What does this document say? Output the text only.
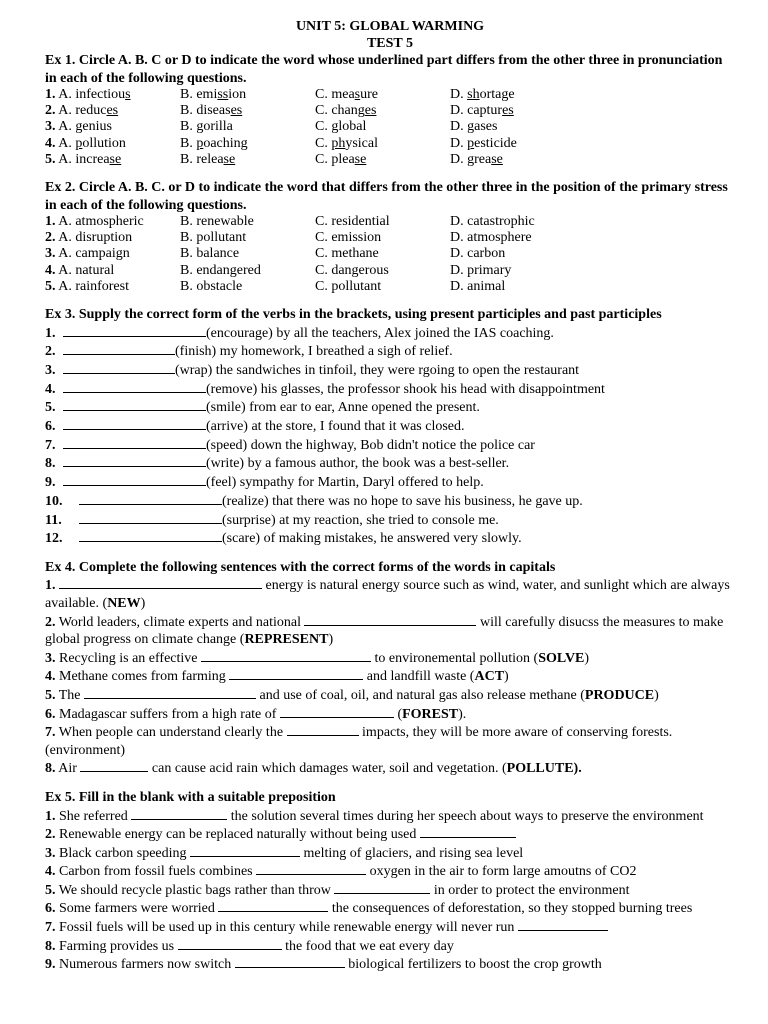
UNIT 5: GLOBAL WARMING
TEST 5
Ex 1. Circle A. B. C or D to indicate the word whose underlined part differs from the other three in pronunciation in each of the following questions.
1. A. infectious	B. emission	C. measure	D. shortage
2. A. reduces	B. diseases	C. changes	D. captures
3. A. genius	B. gorilla	C. global	D. gases
4. A. pollution	B. poaching	C. physical	D. pesticide
5. A. increase	B. release	C. please	D. grease
Ex 2. Circle A. B. C. or D to indicate the word that differs from the other three in the position of the primary stress in each of the following questions.
1. A. atmospheric	B. renewable	C. residential	D. catastrophic
2. A. disruption	B. pollutant	C. emission	D. atmosphere
3. A. campaign	B. balance	C. methane	D. carbon
4. A. natural	B. endangered	C. dangerous	D. primary
5. A. rainforest	B. obstacle	C. pollutant	D. animal
Ex 3. Supply the correct form of the verbs in the brackets, using present participles and past participles
1.	(encourage) by all the teachers, Alex joined the IAS coaching.
2.	(finish) my homework, I breathed a sigh of relief.
3.	(wrap) the sandwiches in tinfoil, they were rgoing to open the restaurant
4.	(remove) his glasses, the professor shook his head with disappointment
5.	(smile) from ear to ear, Anne opened the present.
6.	(arrive) at the store, I found that it was closed.
7.	(speed) down the highway, Bob didn't notice the police car
8.	(write) by a famous author, the book was a best-seller.
9.	(feel) sympathy for Martin, Daryl offered to help.
10.	(realize) that there was no hope to save his business, he gave up.
11.	(surprise) at my reaction, she tried to console me.
12.	(scare) of making mistakes, he answered very slowly.
Ex 4. Complete the following sentences with the correct forms of the words in capitals
1.	energy is natural energy source such as wind, water, and sunlight which are always available. (NEW)
2. World leaders, climate experts and national	will carefully disucss the measures to make global progress on climate change (REPRESENT)
3. Recycling is an effective	to environemental pollution (SOLVE)
4. Methane comes from farming	and landfill waste (ACT)
5. The	and use of coal, oil, and natural gas also release methane (PRODUCE)
6. Madagascar suffers from a high rate of	(FOREST).
7. When people can understand clearly the	impacts, they will be more aware of conserving forests. (environment)
8. Air	can cause acid rain which damages water, soil and vegetation. (POLLUTE).
Ex 5. Fill in the blank with a suitable preposition
1. She referred	the solution several times during her speech about ways to preserve the environment
2. Renewable energy can be replaced naturally without being used
3. Black carbon speeding	melting of glaciers, and rising sea level
4. Carbon from fossil fuels combines	oxygen in the air to form large amoutns of CO2
5. We should recycle plastic bags rather than throw	in order to protect the environment
6. Some farmers were worried	the consequences of deforestation, so they stopped burning trees
7. Fossil fuels will be used up in this century while renewable energy will never run
8. Farming provides us	the food that we eat every day
9. Numerous farmers now switch	biological fertilizers to boost the crop growth
